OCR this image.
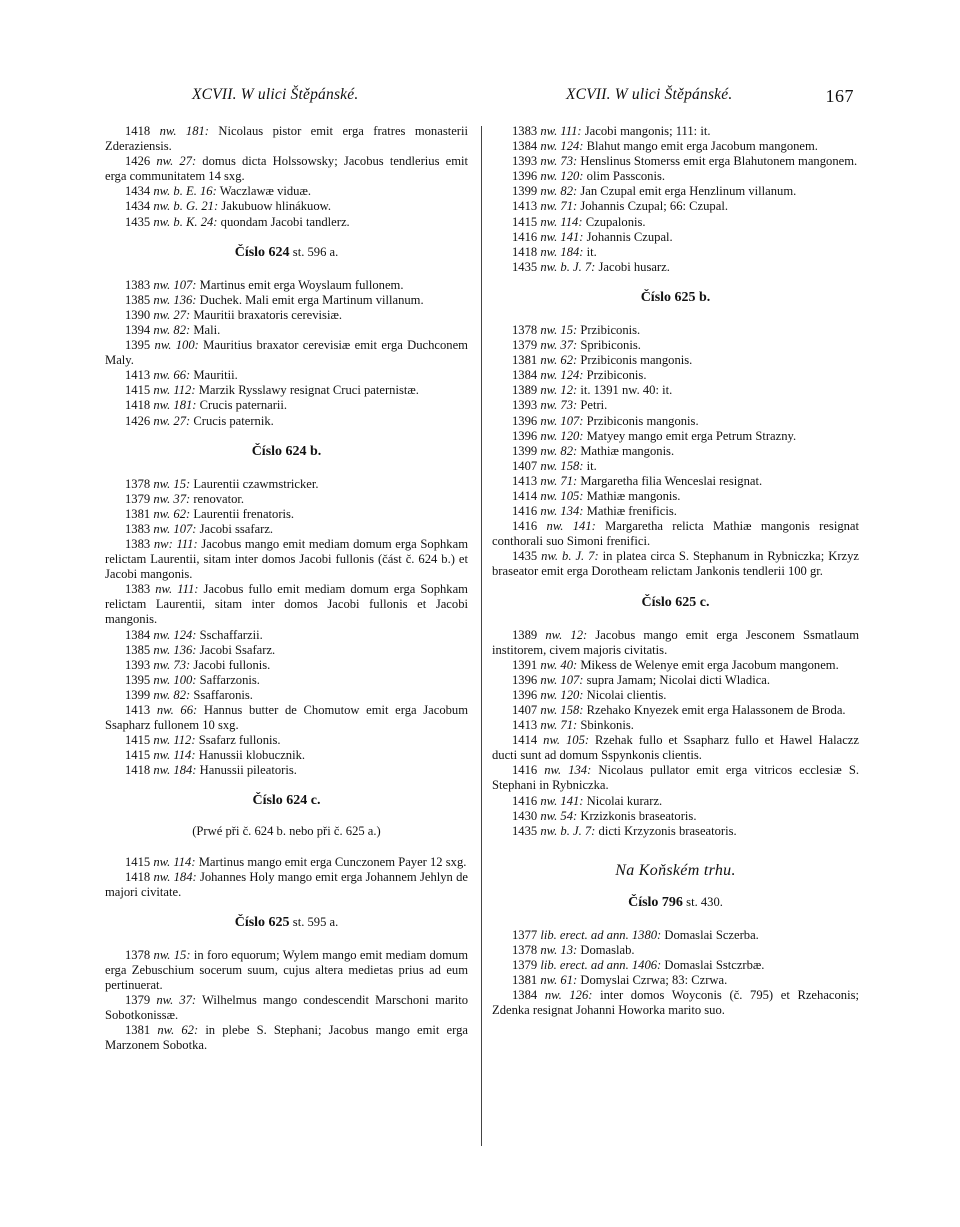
XCVII. W ulici Štěpánské.	XCVII. W ulici Štěpánské.	167

1418 nw. 181: Nicolaus pistor emit erga fratres monasterii Zderaziensis.

1426 nw. 27: domus dicta Holssowsky; Jacobus tendlerius emit erga communitatem 14 sxg.

1434 nw. b. E. 16: Waczlawæ viduæ.

1434 nw. b. G. 21: Jakubuow hlinákuow.

1435 nw. b. K. 24: quondam Jacobi tandlerz.

Číslo 624 st. 596 a.

1383 nw. 107: Martinus emit erga Woyslaum fullonem.

1385 nw. 136: Duchek. Mali emit erga Martinum villanum.

1390 nw. 27: Mauritii braxatoris cerevisiæ.

1394 nw. 82: Mali.

1395 nw. 100: Mauritius braxator cerevisiæ emit erga Duchconem Maly.

1413 nw. 66: Mauritii.

1415 nw. 112: Marzik Rysslawy resignat Cruci paternistæ.

1418 nw. 181: Crucis paternarii.

1426 nw. 27: Crucis paternik.

Číslo 624 b.

1378 nw. 15: Laurentii czawmstricker.

1379 nw. 37: renovator.

1381 nw. 62: Laurentii frenatoris.

1383 nw. 107: Jacobi ssafarz.

1383 nw: 111: Jacobus mango emit mediam domum erga Sophkam relictam Laurentii, sitam inter domos Jacobi fullonis (část č. 624 b.) et Jacobi mangonis.

1383 nw. 111: Jacobus fullo emit mediam domum erga Sophkam relictam Laurentii, sitam inter domos Jacobi fullonis et Jacobi mangonis.

1384 nw. 124: Sschaffarzii.

1385 nw. 136: Jacobi Ssafarz.

1393 nw. 73: Jacobi fullonis.

1395 nw. 100: Saffarzonis.

1399 nw. 82: Ssaffaronis.

1413 nw. 66: Hannus butter de Chomutow emit erga Jacobum Ssapharz fullonem 10 sxg.

1415 nw. 112: Ssafarz fullonis.

1415 nw. 114: Hanussii klobucznik.

1418 nw. 184: Hanussii pileatoris.

Číslo 624 c.
(Prwé při č. 624 b. nebo při č. 625 a.)

1415 nw. 114: Martinus mango emit erga Cunczonem Payer 12 sxg.

1418 nw. 184: Johannes Holy mango emit erga Johannem Jehlyn de majori civitate.

Číslo 625 st. 595 a.

1378 nw. 15: in foro equorum; Wylem mango emit mediam domum erga Zebuschium socerum suum, cujus altera medietas prius ad eum pertinuerat.

1379 nw. 37: Wilhelmus mango condescendit Marschoni marito Sobotkonissæ.

1381 nw. 62: in plebe S. Stephani; Jacobus mango emit erga Marzonem Sobotka.

1383 nw. 111: Jacobi mangonis; 111: it.

1384 nw. 124: Blahut mango emit erga Jacobum mangonem.

1393 nw. 73: Henslinus Stomerss emit erga Blahutonem mangonem.

1396 nw. 120: olim Passconis.

1399 nw. 82: Jan Czupal emit erga Henzlinum villanum.

1413 nw. 71: Johannis Czupal; 66: Czupal.

1415 nw. 114: Czupalonis.

1416 nw. 141: Johannis Czupal.

1418 nw. 184: it.

1435 nw. b. J. 7: Jacobi husarz.

Číslo 625 b.

1378 nw. 15: Przibiconis.

1379 nw. 37: Spribiconis.

1381 nw. 62: Przibiconis mangonis.

1384 nw. 124: Przibiconis.

1389 nw. 12: it. 1391 nw. 40: it.

1393 nw. 73: Petri.

1396 nw. 107: Przibiconis mangonis.

1396 nw. 120: Matyey mango emit erga Petrum Strazny.

1399 nw. 82: Mathiæ mangonis.

1407 nw. 158: it.

1413 nw. 71: Margaretha filia Wenceslai resignat.

1414 nw. 105: Mathiæ mangonis.

1416 nw. 134: Mathiæ frenificis.

1416 nw. 141: Margaretha relicta Mathiæ mangonis resignat conthorali suo Simoni frenifici.

1435 nw. b. J. 7: in platea circa S. Stephanum in Rybniczka; Krzyz braseator emit erga Dorotheam relictam Jankonis tendlerii 100 gr.

Číslo 625 c.

1389 nw. 12: Jacobus mango emit erga Jesconem Ssmatlaum institorem, civem majoris civitatis.

1391 nw. 40: Mikess de Welenye emit erga Jacobum mangonem.

1396 nw. 107: supra Jamam; Nicolai dicti Wladica.

1396 nw. 120: Nicolai clientis.

1407 nw. 158: Rzehako Knyezek emit erga Halassonem de Broda.

1413 nw. 71: Sbinkonis.

1414 nw. 105: Rzehak fullo et Ssapharz fullo et Hawel Halaczz ducti sunt ad domum Sspynkonis clientis.

1416 nw. 134: Nicolaus pullator emit erga vitricos ecclesiæ S. Stephani in Rybniczka.

1416 nw. 141: Nicolai kurarz.

1430 nw. 54: Krzizkonis braseatoris.

1435 nw. b. J. 7: dicti Krzyzonis braseatoris.

Na Koňském trhu.
Číslo 796 st. 430.

1377 lib. erect. ad ann. 1380: Domaslai Sczerba.

1378 nw. 13: Domaslab.

1379 lib. erect. ad ann. 1406: Domaslai Sstczrbæ.

1381 nw. 61: Domyslai Czrwa; 83: Czrwa.

1384 nw. 126: inter domos Woyconis (č. 795) et Rzehaconis; Zdenka resignat Johanni Howorka marito suo.
